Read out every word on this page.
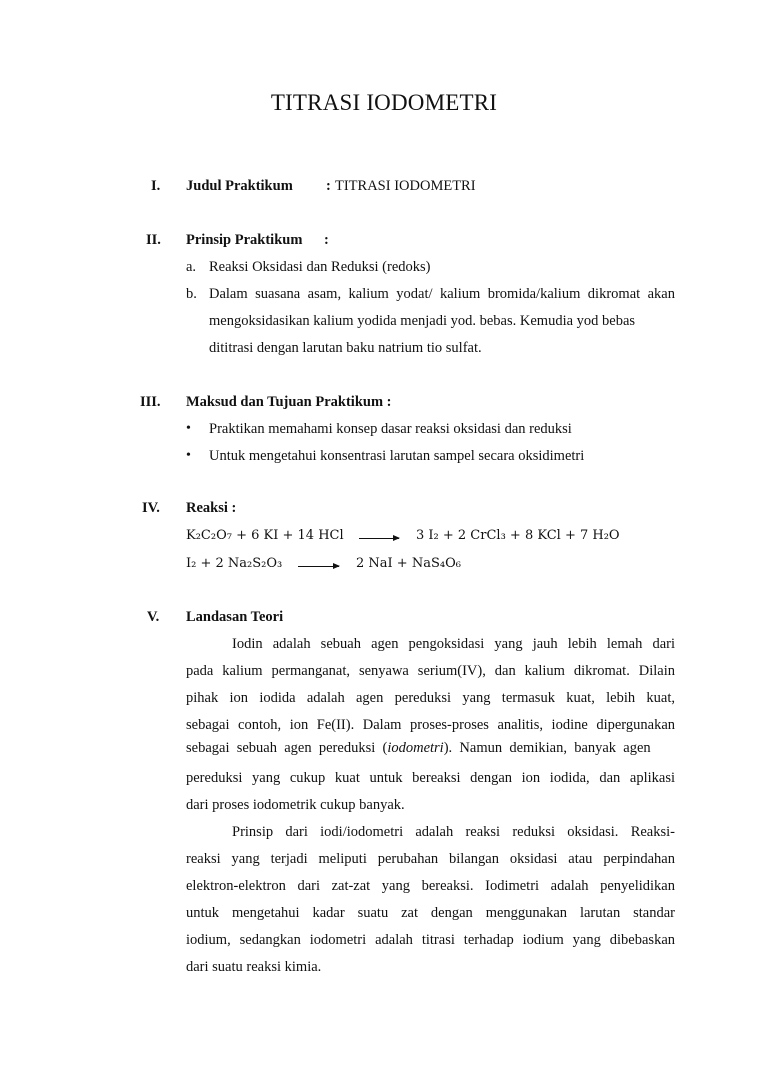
TITRASI IODOMETRI
I. Judul Praktikum : TITRASI IODOMETRI
II. Prinsip Praktikum :
a. Reaksi Oksidasi dan Reduksi (redoks)
b. Dalam suasana asam, kalium yodat/ kalium bromida/kalium dikromat akan
mengoksidasikan kalium yodida menjadi yod. bebas. Kemudia yod bebas
dititrasi dengan larutan baku natrium tio sulfat.
III. Maksud dan Tujuan Praktikum :
• Praktikan memahami konsep dasar reaksi oksidasi dan reduksi
• Untuk mengetahui konsentrasi larutan sampel secara oksidimetri
IV. Reaksi :
K₂C₂O₇ + 6 KI + 14 HCl → 3 I₂ + 2 CrCl₃ + 8 KCl + 7 H₂O
I₂ + 2 Na₂S₂O₃ → 2 NaI + NaS₄O₆
V. Landasan Teori
Iodin adalah sebuah agen pengoksidasi yang jauh lebih lemah dari
pada kalium permanganat, senyawa serium(IV), dan kalium dikromat. Dilain
pihak ion iodida adalah agen pereduksi yang termasuk kuat, lebih kuat,
sebagai contoh, ion Fe(II). Dalam proses-proses analitis, iodine dipergunakan
sebagai  sebuah  agen  pereduksi  (iodometri).  Namun  demikian,  banyak  agen
pereduksi yang cukup kuat untuk bereaksi dengan ion iodida, dan aplikasi
dari proses iodometrik cukup banyak.
Prinsip dari iodi/iodometri adalah reaksi reduksi oksidasi. Reaksi-
reaksi yang terjadi meliputi perubahan bilangan oksidasi atau perpindahan
elektron-elektron dari zat-zat yang bereaksi. Iodimetri adalah penyelidikan
untuk mengetahui kadar suatu zat dengan menggunakan larutan standar
iodium, sedangkan iodometri adalah titrasi terhadap iodium yang dibebaskan
dari suatu reaksi kimia.
